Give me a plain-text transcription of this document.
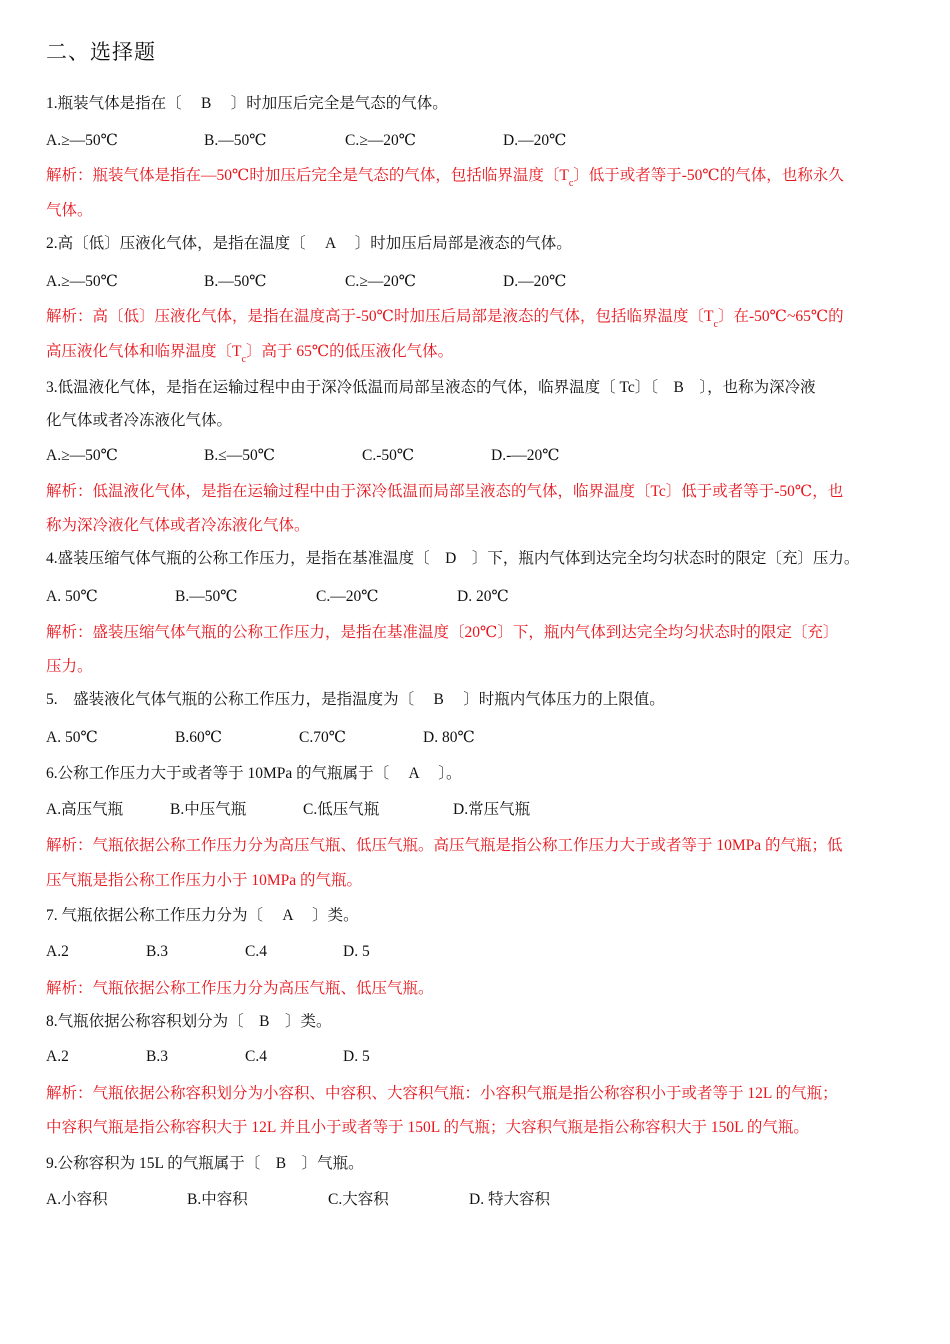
二、选择题
1.瓶装气体是指在〔　 B 　〕时加压后完全是气态的气体。
A.≥—50℃	B.—50℃	C.≥—20℃	D.—20℃
解析：瓶装气体是指在—50℃时加压后完全是气态的气体，包括临界温度〔$T_c$〕低于或者等于-50℃的气体，也称永久
气体。
2.高〔低〕压液化气体，是指在温度〔　 A 　〕时加压后局部是液态的气体。
A.≥—50℃	B.—50℃	C.≥—20℃	D.—20℃
解析：高〔低〕压液化气体，是指在温度高于-50℃时加压后局部是液态的气体，包括临界温度〔$T_c$〕在-50℃~65℃的
高压液化气体和临界温度〔$T_c$〕高于 65℃的低压液化气体。
3.低温液化气体，是指在运输过程中由于深冷低温而局部呈液态的气体，临界温度〔 Tc〕〔　B　〕，也称为深冷液
化气体或者冷冻液化气体。
A.≥—50℃	B.≤—50℃	C.-50℃	D.-—20℃
解析：低温液化气体，是指在运输过程中由于深冷低温而局部呈液态的气体，临界温度〔Tc〕低于或者等于-50℃，也
称为深冷液化气体或者冷冻液化气体。
4.盛装压缩气体气瓶的公称工作压力，是指在基准温度〔　D　〕下，瓶内气体到达完全均匀状态时的限定〔充〕压力。
A. 50℃	B.—50℃	C.—20℃	D. 20℃
解析：盛装压缩气体气瓶的公称工作压力，是指在基准温度〔20℃〕下，瓶内气体到达完全均匀状态时的限定〔充〕
压力。
5.　盛装液化气体气瓶的公称工作压力，是指温度为〔　 B 　〕时瓶内气体压力的上限值。
A. 50℃	B.60℃	C.70℃	D. 80℃
6.公称工作压力大于或者等于 10MPa 的气瓶属于〔　 A 　〕。
A.高压气瓶	B.中压气瓶	C.低压气瓶	D.常压气瓶
解析：气瓶依据公称工作压力分为高压气瓶、低压气瓶。高压气瓶是指公称工作压力大于或者等于 10MPa 的气瓶；低
压气瓶是指公称工作压力小于 10MPa 的气瓶。
7. 气瓶依据公称工作压力分为〔　 A 　〕类。
A.2	B.3	C.4	D. 5
解析：气瓶依据公称工作压力分为高压气瓶、低压气瓶。
8.气瓶依据公称容积划分为〔　B　〕类。
A.2	B.3	C.4	D. 5
解析：气瓶依据公称容积划分为小容积、中容积、大容积气瓶：小容积气瓶是指公称容积小于或者等于 12L 的气瓶；
中容积气瓶是指公称容积大于 12L 并且小于或者等于 150L 的气瓶；大容积气瓶是指公称容积大于 150L 的气瓶。
9.公称容积为 15L 的气瓶属于〔　B　〕气瓶。
A.小容积	B.中容积	C.大容积	D. 特大容积
